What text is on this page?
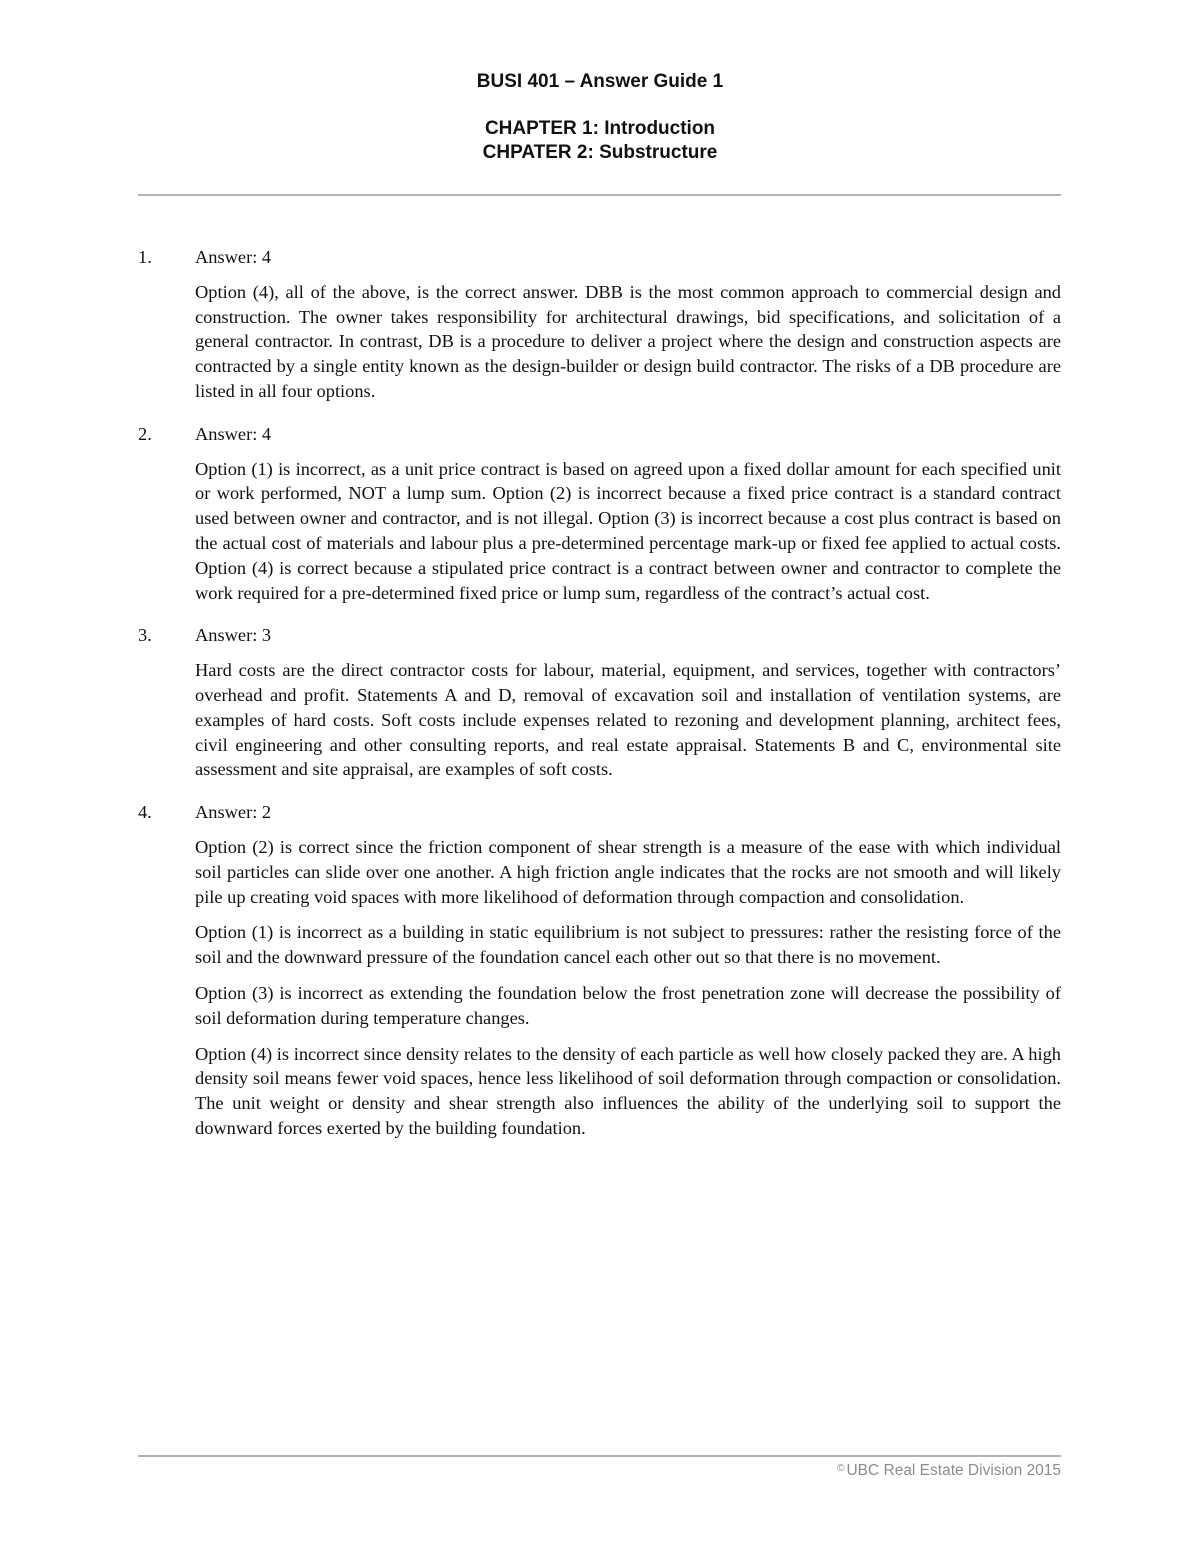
BUSI 401 – Answer Guide 1
CHAPTER 1: Introduction
CHPATER 2: Substructure
1.	Answer: 4

Option (4), all of the above, is the correct answer. DBB is the most common approach to commercial design and construction. The owner takes responsibility for architectural drawings, bid specifications, and solicitation of a general contractor. In contrast, DB is a procedure to deliver a project where the design and construction aspects are contracted by a single entity known as the design-builder or design build contractor. The risks of a DB procedure are listed in all four options.

2.	Answer: 4

Option (1) is incorrect, as a unit price contract is based on agreed upon a fixed dollar amount for each specified unit or work performed, NOT a lump sum. Option (2) is incorrect because a fixed price contract is a standard contract used between owner and contractor, and is not illegal. Option (3) is incorrect because a cost plus contract is based on the actual cost of materials and labour plus a pre-determined percentage mark-up or fixed fee applied to actual costs. Option (4) is correct because a stipulated price contract is a contract between owner and contractor to complete the work required for a pre-determined fixed price or lump sum, regardless of the contract’s actual cost.

3.	Answer: 3

Hard costs are the direct contractor costs for labour, material, equipment, and services, together with contractors’ overhead and profit. Statements A and D, removal of excavation soil and installation of ventilation systems, are examples of hard costs. Soft costs include expenses related to rezoning and development planning, architect fees, civil engineering and other consulting reports, and real estate appraisal. Statements B and C, environmental site assessment and site appraisal, are examples of soft costs.

4.	Answer: 2

Option (2) is correct since the friction component of shear strength is a measure of the ease with which individual soil particles can slide over one another. A high friction angle indicates that the rocks are not smooth and will likely pile up creating void spaces with more likelihood of deformation through compaction and consolidation.

Option (1) is incorrect as a building in static equilibrium is not subject to pressures: rather the resisting force of the soil and the downward pressure of the foundation cancel each other out so that there is no movement.

Option (3) is incorrect as extending the foundation below the frost penetration zone will decrease the possibility of soil deformation during temperature changes.

Option (4) is incorrect since density relates to the density of each particle as well how closely packed they are. A high density soil means fewer void spaces, hence less likelihood of soil deformation through compaction or consolidation. The unit weight or density and shear strength also influences the ability of the underlying soil to support the downward forces exerted by the building foundation.

© UBC Real Estate Division 2015
